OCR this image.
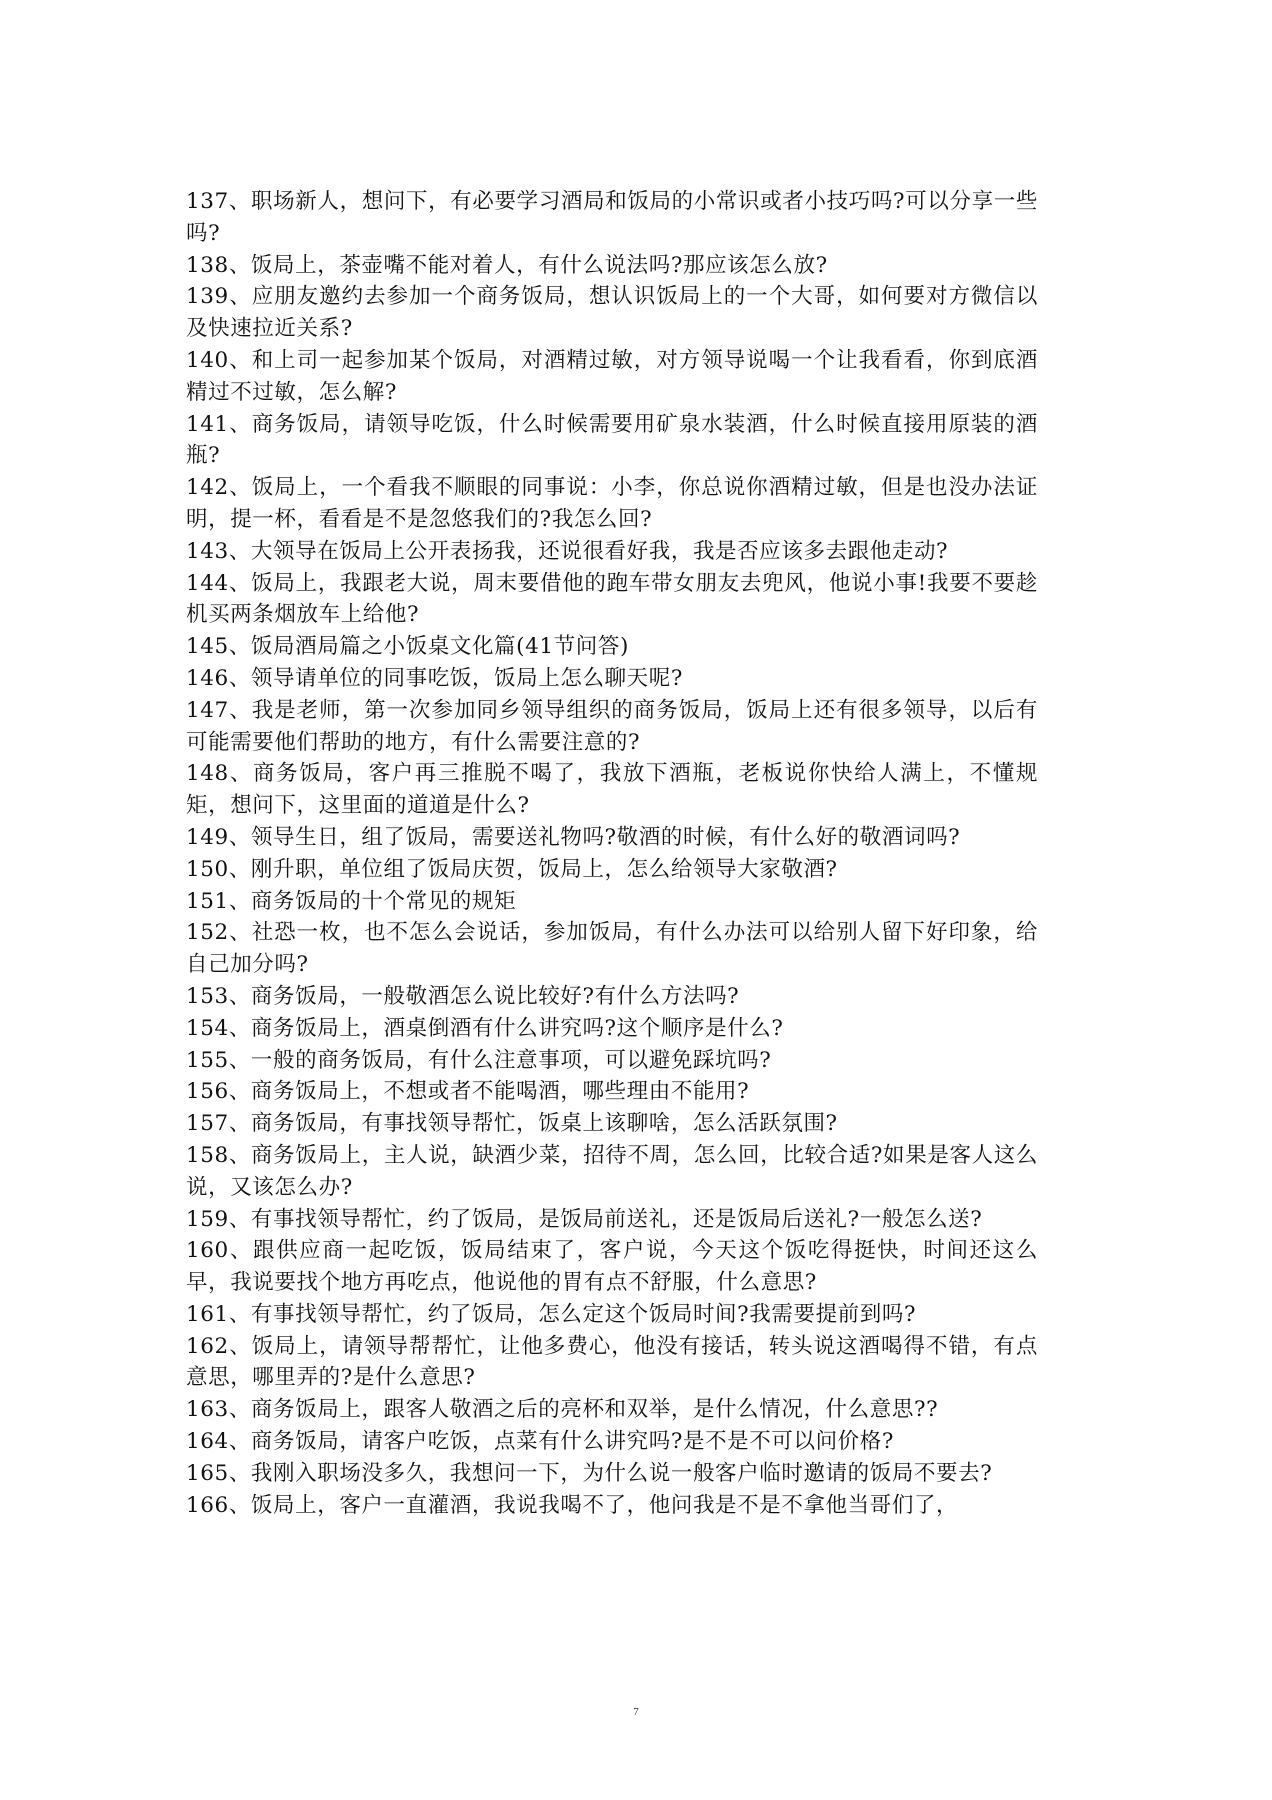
137、职场新人，想问下，有必要学习酒局和饭局的小常识或者小技巧吗?可以分享一些吗?

138、饭局上，茶壶嘴不能对着人，有什么说法吗?那应该怎么放?

139、应朋友邀约去参加一个商务饭局，想认识饭局上的一个大哥，如何要对方微信以及快速拉近关系?

140、和上司一起参加某个饭局，对酒精过敏，对方领导说喝一个让我看看，你到底酒精过不过敏，怎么解?

141、商务饭局，请领导吃饭，什么时候需要用矿泉水装酒，什么时候直接用原装的酒瓶?

142、饭局上，一个看我不顺眼的同事说：小李，你总说你酒精过敏，但是也没办法证明，提一杯，看看是不是忽悠我们的?我怎么回?

143、大领导在饭局上公开表扬我，还说很看好我，我是否应该多去跟他走动?

144、饭局上，我跟老大说，周末要借他的跑车带女朋友去兜风，他说小事!我要不要趁机买两条烟放车上给他?

145、饭局酒局篇之小饭桌文化篇(41节问答)

146、领导请单位的同事吃饭，饭局上怎么聊天呢?

147、我是老师，第一次参加同乡领导组织的商务饭局，饭局上还有很多领导，以后有可能需要他们帮助的地方，有什么需要注意的?

148、商务饭局，客户再三推脱不喝了，我放下酒瓶，老板说你快给人满上，不懂规矩，想问下，这里面的道道是什么?

149、领导生日，组了饭局，需要送礼物吗?敬酒的时候，有什么好的敬酒词吗?

150、刚升职，单位组了饭局庆贺，饭局上，怎么给领导大家敬酒?

151、商务饭局的十个常见的规矩

152、社恐一枚，也不怎么会说话，参加饭局，有什么办法可以给别人留下好印象，给自己加分吗?

153、商务饭局，一般敬酒怎么说比较好?有什么方法吗?

154、商务饭局上，酒桌倒酒有什么讲究吗?这个顺序是什么?

155、一般的商务饭局，有什么注意事项，可以避免踩坑吗?

156、商务饭局上，不想或者不能喝酒，哪些理由不能用?

157、商务饭局，有事找领导帮忙，饭桌上该聊啥，怎么活跃氛围?

158、商务饭局上，主人说，缺酒少菜，招待不周，怎么回，比较合适?如果是客人这么说，又该怎么办?

159、有事找领导帮忙，约了饭局，是饭局前送礼，还是饭局后送礼?一般怎么送?

160、跟供应商一起吃饭，饭局结束了，客户说，今天这个饭吃得挺快，时间还这么早，我说要找个地方再吃点，他说他的胃有点不舒服，什么意思?

161、有事找领导帮忙，约了饭局，怎么定这个饭局时间?我需要提前到吗?

162、饭局上，请领导帮帮忙，让他多费心，他没有接话，转头说这酒喝得不错，有点意思，哪里弄的?是什么意思?

163、商务饭局上，跟客人敬酒之后的亮杯和双举，是什么情况，什么意思??

164、商务饭局，请客户吃饭，点菜有什么讲究吗?是不是不可以问价格?

165、我刚入职场没多久，我想问一下，为什么说一般客户临时邀请的饭局不要去?

166、饭局上，客户一直灌酒，我说我喝不了，他问我是不是不拿他当哥们了，

7
